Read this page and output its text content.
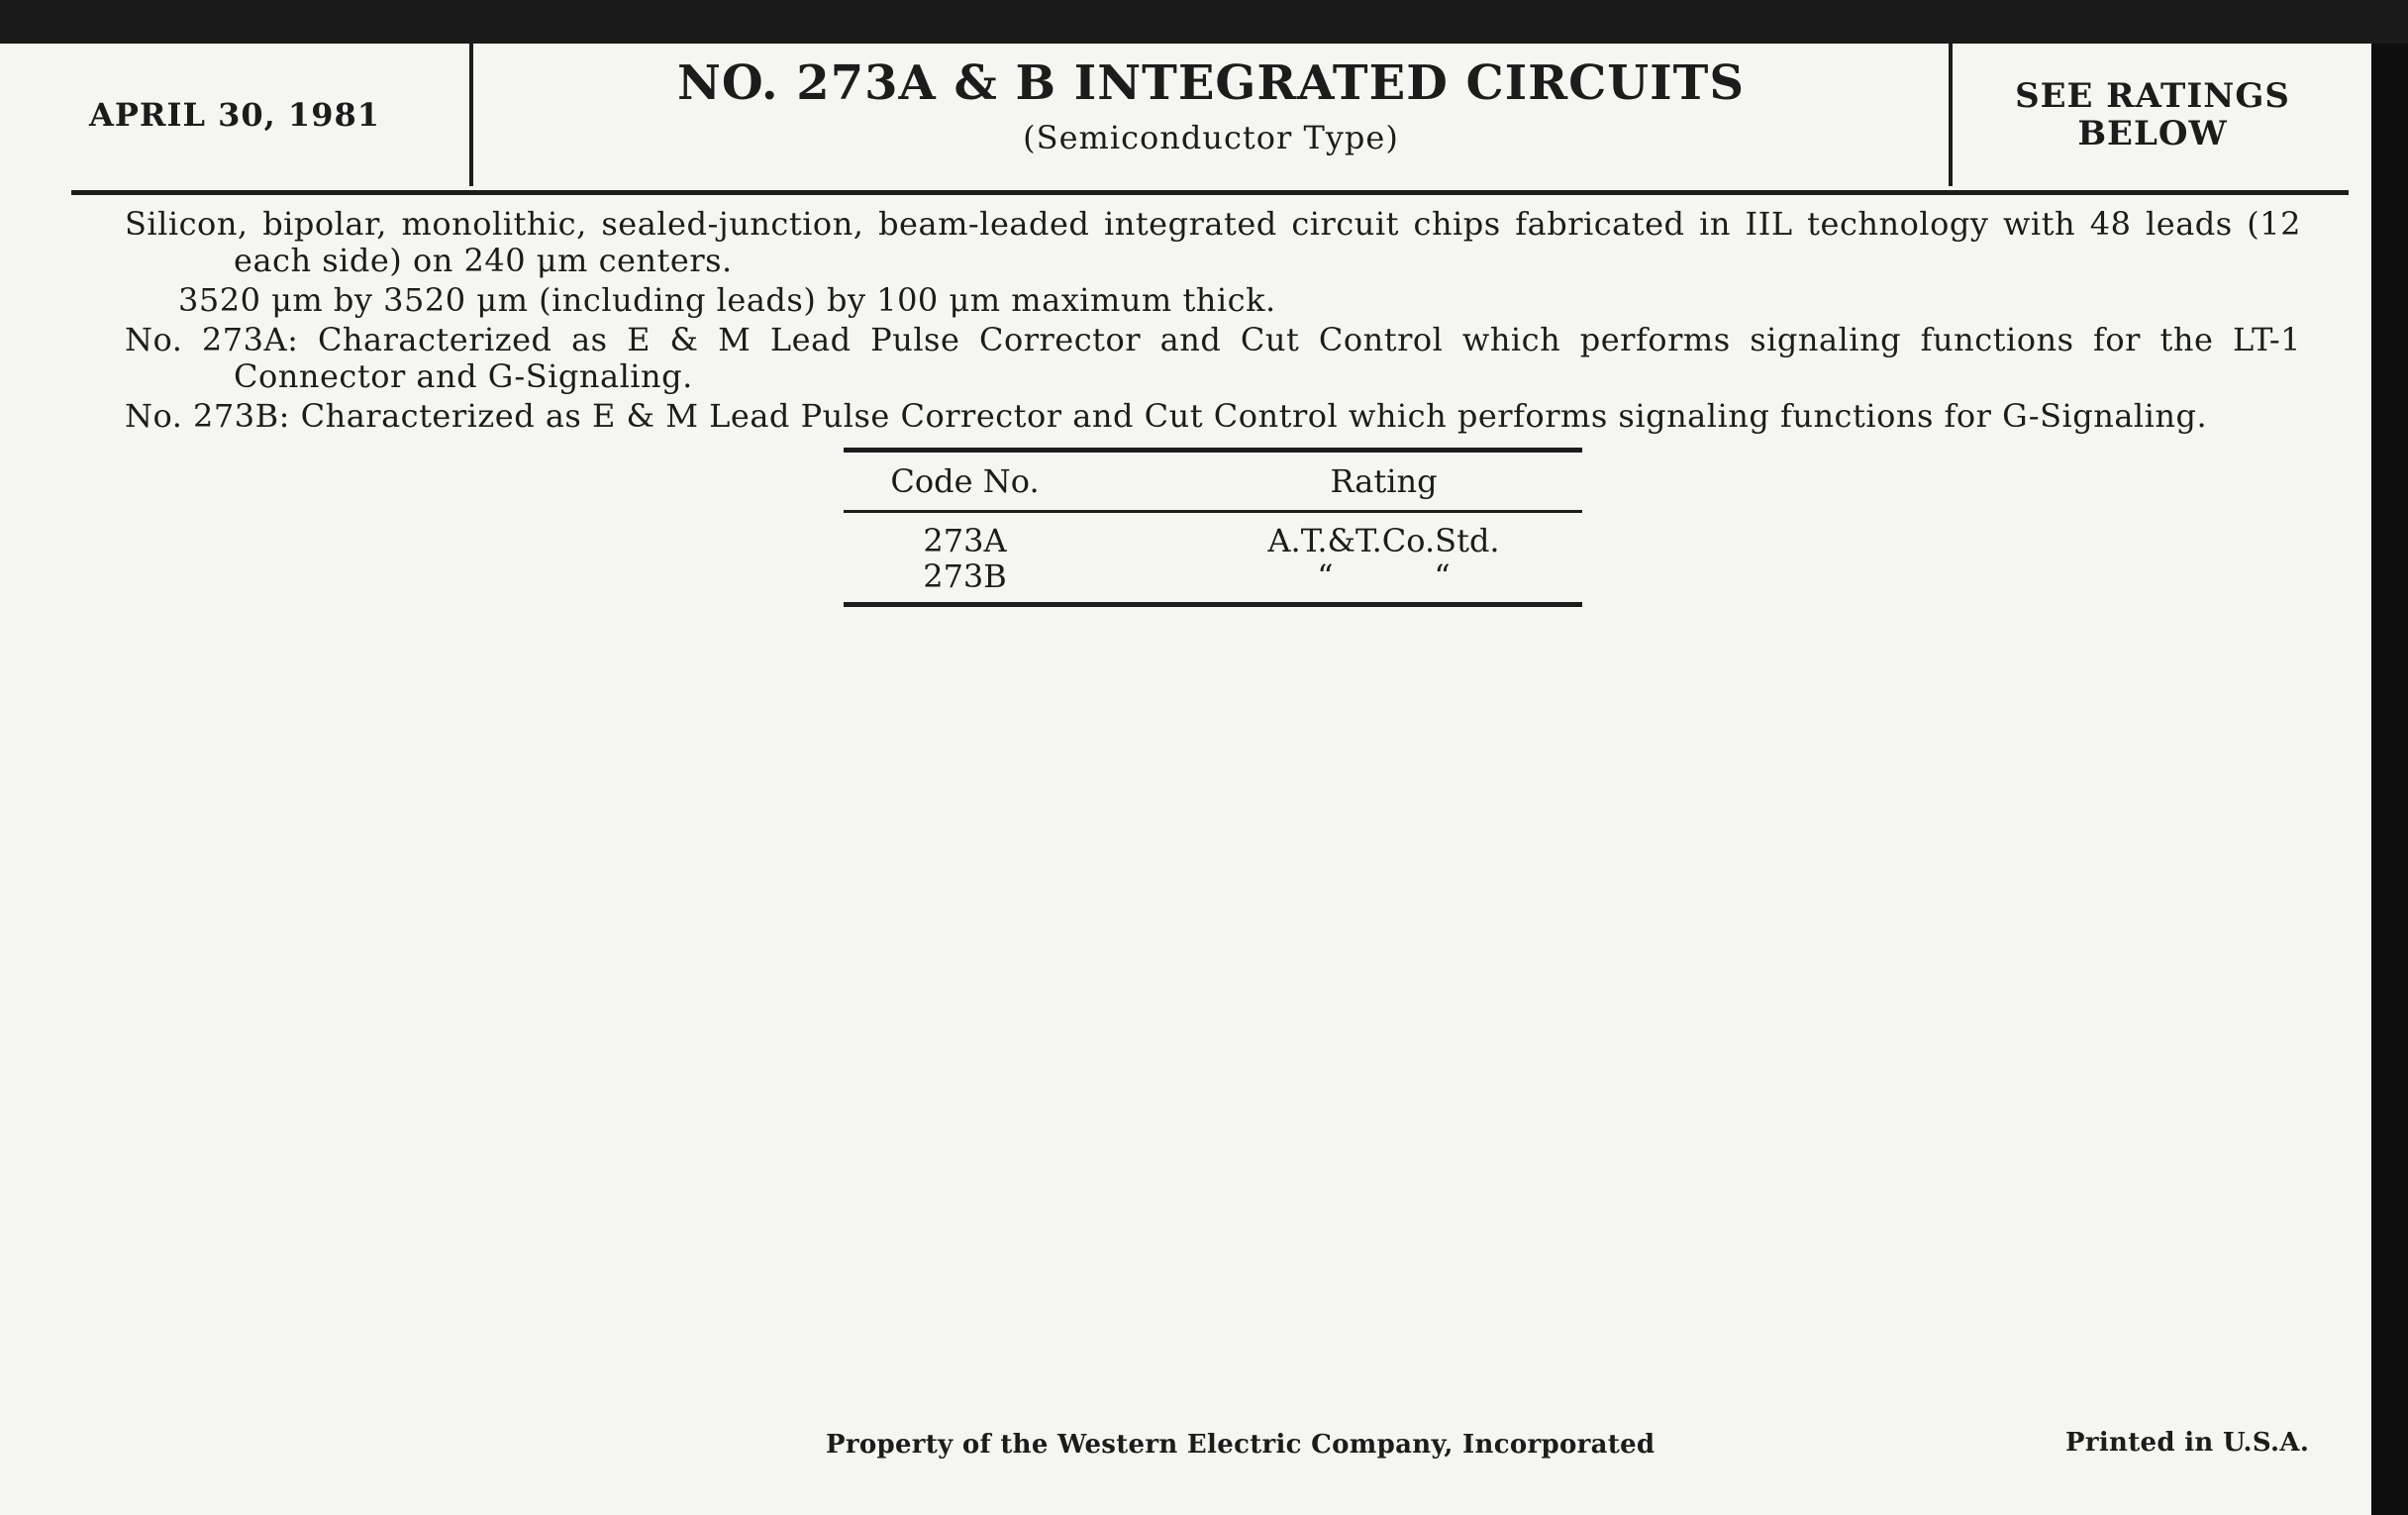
APRIL 30, 1981
NO. 273A & B INTEGRATED CIRCUITS
(Semiconductor Type)
SEE RATINGS
BELOW
Silicon, bipolar, monolithic, sealed-junction, beam-leaded integrated circuit chips fabricated in IIL technology with 48 leads (12 each side) on 240 μm centers.
3520 μm by 3520 μm (including leads) by 100 μm maximum thick.
No. 273A: Characterized as E & M Lead Pulse Corrector and Cut Control which performs signaling functions for the LT-1 Connector and G-Signaling.
No. 273B: Characterized as E & M Lead Pulse Corrector and Cut Control which performs signaling functions for G-Signaling.
Code No.	Rating
273A	A.T.&T.Co.Std.
273B	“          “
Property of the Western Electric Company, Incorporated	Printed in U.S.A.
